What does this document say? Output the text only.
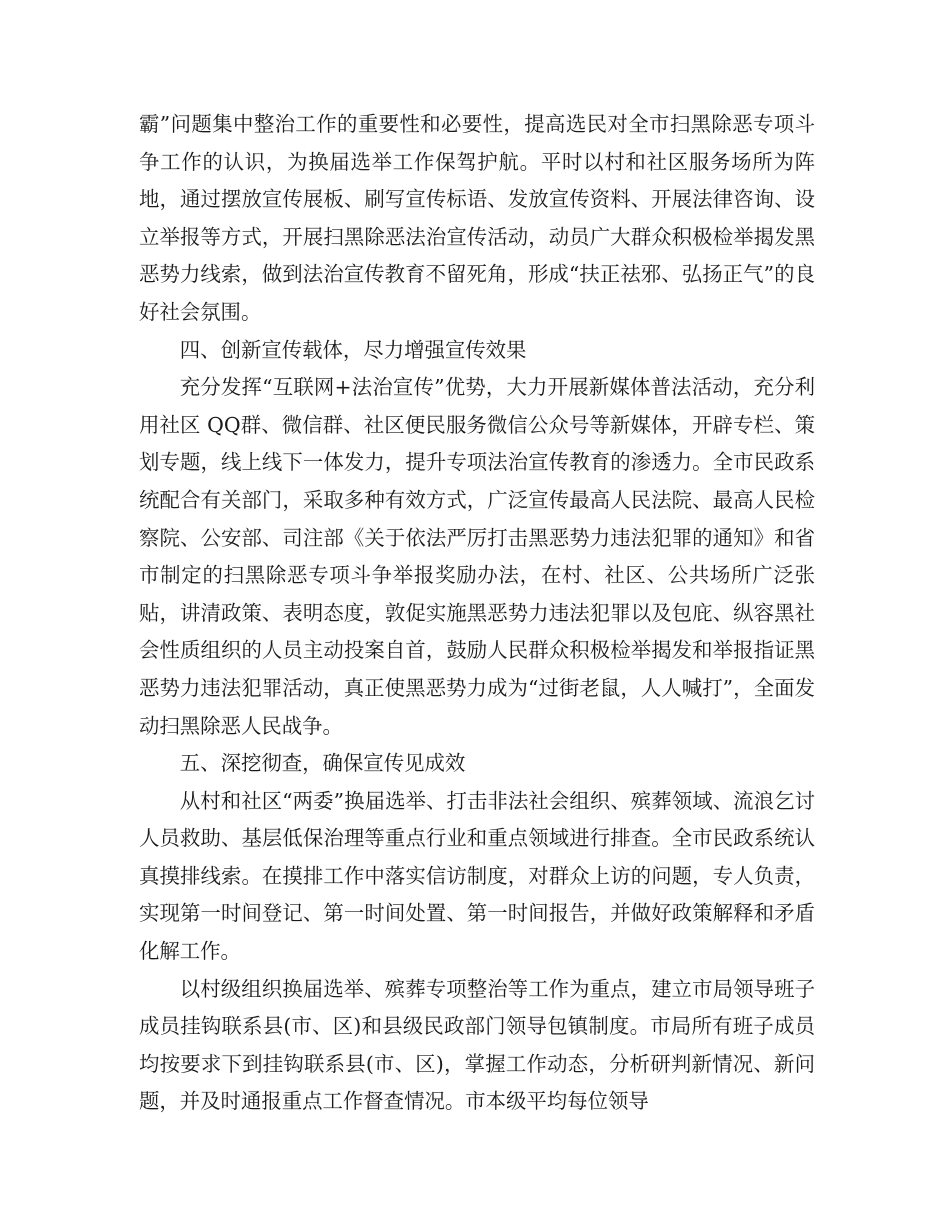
霸”问题集中整治工作的重要性和必要性，提高选民对全市扫黑除恶专项斗争工作的认识，为换届选举工作保驾护航。平时以村和社区服务场所为阵地，通过摆放宣传展板、刷写宣传标语、发放宣传资料、开展法律咨询、设立举报等方式，开展扫黑除恶法治宣传活动，动员广大群众积极检举揭发黑恶势力线索，做到法治宣传教育不留死角，形成“扶正祛邪、弘扬正气”的良好社会氛围。

四、创新宣传载体，尽力增强宣传效果

充分发挥“互联网+法治宣传”优势，大力开展新媒体普法活动，充分利用社区 QQ群、微信群、社区便民服务微信公众号等新媒体，开辟专栏、策划专题，线上线下一体发力，提升专项法治宣传教育的渗透力。全市民政系统配合有关部门，采取多种有效方式，广泛宣传最高人民法院、最高人民检察院、公安部、司注部《关于依法严厉打击黑恶势力违法犯罪的通知》和省市制定的扫黑除恶专项斗争举报奖励办法，在村、社区、公共场所广泛张贴，讲清政策、表明态度，敦促实施黑恶势力违法犯罪以及包庇、纵容黑社会性质组织的人员主动投案自首，鼓励人民群众积极检举揭发和举报指证黑恶势力违法犯罪活动，真正使黑恶势力成为“过街老鼠，人人喊打”，全面发动扫黑除恶人民战争。

五、深挖彻查，确保宣传见成效

从村和社区“两委”换届选举、打击非法社会组织、殡葬领域、流浪乞讨人员救助、基层低保治理等重点行业和重点领域进行排查。全市民政系统认真摸排线索。在摸排工作中落实信访制度，对群众上访的问题，专人负责，实现第一时间登记、第一时间处置、第一时间报告，并做好政策解释和矛盾化解工作。

以村级组织换届选举、殡葬专项整治等工作为重点，建立市局领导班子成员挂钩联系县(市、区)和县级民政部门领导包镇制度。市局所有班子成员均按要求下到挂钩联系县(市、区)，掌握工作动态，分析研判新情况、新问题，并及时通报重点工作督查情况。市本级平均每位领导
